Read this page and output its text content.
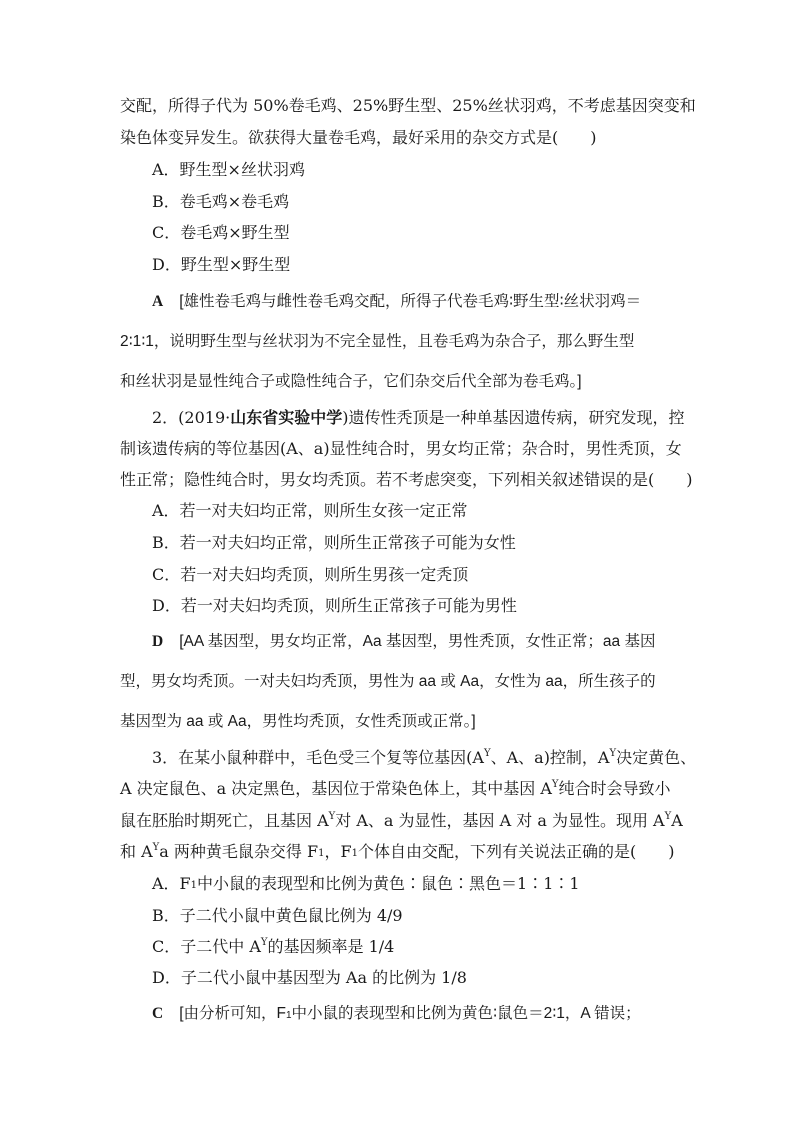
交配，所得子代为 50%卷毛鸡、25%野生型、25%丝状羽鸡，不考虑基因突变和
染色体变异发生。欲获得大量卷毛鸡，最好采用的杂交方式是(　　)
A．野生型×丝状羽鸡
B．卷毛鸡×卷毛鸡
C．卷毛鸡×野生型
D．野生型×野生型
A [雄性卷毛鸡与雌性卷毛鸡交配，所得子代卷毛鸡∶野生型∶丝状羽鸡＝
2∶1∶1，说明野生型与丝状羽为不完全显性，且卷毛鸡为杂合子，那么野生型
和丝状羽是显性纯合子或隐性纯合子，它们杂交后代全部为卷毛鸡。]
2．(2019·山东省实验中学)遗传性秃顶是一种单基因遗传病，研究发现，控
制该遗传病的等位基因(A、a)显性纯合时，男女均正常；杂合时，男性秃顶，女
性正常；隐性纯合时，男女均秃顶。若不考虑突变，下列相关叙述错误的是(　　)
A．若一对夫妇均正常，则所生女孩一定正常
B．若一对夫妇均正常，则所生正常孩子可能为女性
C．若一对夫妇均秃顶，则所生男孩一定秃顶
D．若一对夫妇均秃顶，则所生正常孩子可能为男性
D [AA 基因型，男女均正常，Aa 基因型，男性秃顶，女性正常；aa 基因
型，男女均秃顶。一对夫妇均秃顶，男性为 aa 或 Aa，女性为 aa，所生孩子的
基因型为 aa 或 Aa，男性均秃顶，女性秃顶或正常。]
3．在某小鼠种群中，毛色受三个复等位基因($A^Y$、A、a)控制，$A^Y$决定黄色、
A 决定鼠色、a 决定黑色，基因位于常染色体上，其中基因 $A^Y$纯合时会导致小
鼠在胚胎时期死亡，且基因 $A^Y$对 A、a 为显性，基因 A 对 a 为显性。现用 $A^YA$
和 $A^Ya$ 两种黄毛鼠杂交得 $F_1$，$F_1$个体自由交配，下列有关说法正确的是(　　)
A．$F_1$中小鼠的表现型和比例为黄色∶鼠色∶黑色＝1∶1∶1
B．子二代小鼠中黄色鼠比例为 4/9
C．子二代中 $A^Y$的基因频率是 1/4
D．子二代小鼠中基因型为 Aa 的比例为 1/8
C [由分析可知，$F_1$中小鼠的表现型和比例为黄色∶鼠色＝2∶1，A 错误；
